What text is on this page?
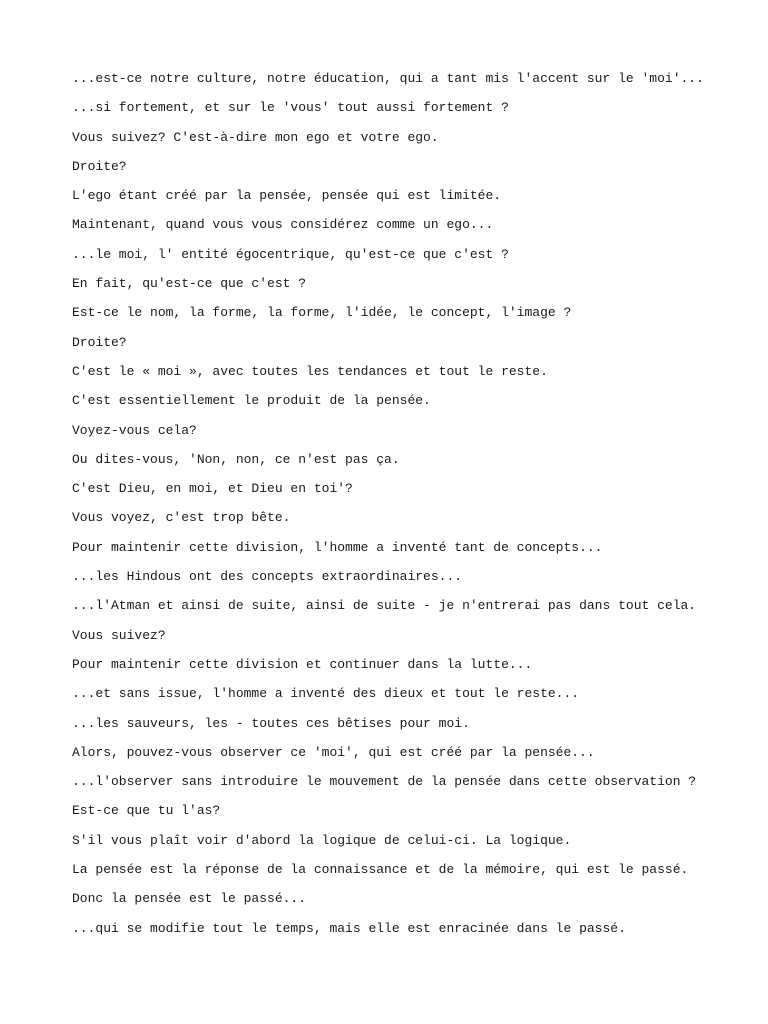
...est-ce notre culture, notre éducation, qui a tant mis l'accent sur le 'moi'...
...si fortement, et sur le 'vous' tout aussi fortement ?
Vous suivez? C'est-à-dire mon ego et votre ego.
Droite?
L'ego étant créé par la pensée, pensée qui est limitée.
Maintenant, quand vous vous considérez comme un ego...
...le moi, l' entité égocentrique, qu'est-ce que c'est ?
En fait, qu'est-ce que c'est ?
Est-ce le nom, la forme, la forme, l'idée, le concept, l'image ?
Droite?
C'est le « moi », avec toutes les tendances et tout le reste.
C'est essentiellement le produit de la pensée.
Voyez-vous cela?
Ou dites-vous, 'Non, non, ce n'est pas ça.
C'est Dieu, en moi, et Dieu en toi'?
Vous voyez, c'est trop bête.
Pour maintenir cette division, l'homme a inventé tant de concepts...
...les Hindous ont des concepts extraordinaires...
...l'Atman et ainsi de suite, ainsi de suite - je n'entrerai pas dans tout cela.
Vous suivez?
Pour maintenir cette division et continuer dans la lutte...
...et sans issue, l'homme a inventé des dieux et tout le reste...
...les sauveurs, les - toutes ces bêtises pour moi.
Alors, pouvez-vous observer ce 'moi', qui est créé par la pensée...
...l'observer sans introduire le mouvement de la pensée dans cette observation ?
Est-ce que tu l'as?
S'il vous plaît voir d'abord la logique de celui-ci. La logique.
La pensée est la réponse de la connaissance et de la mémoire, qui est le passé.
Donc la pensée est le passé...
...qui se modifie tout le temps, mais elle est enracinée dans le passé.
